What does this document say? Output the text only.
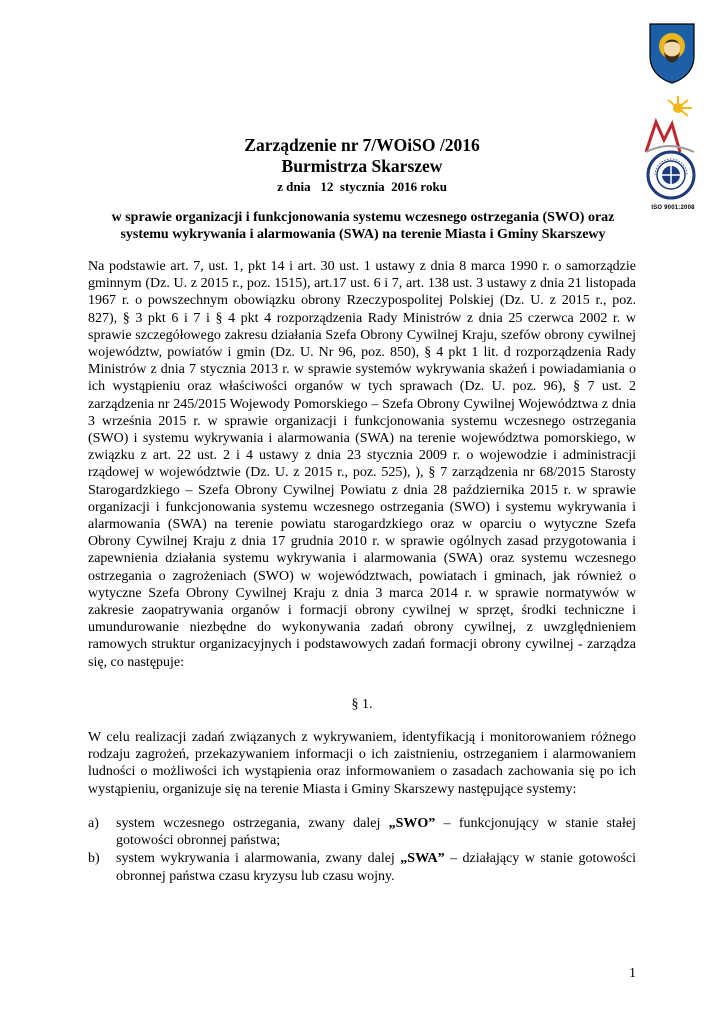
ISO 9001:2008
Zarządzenie nr 7/WOiSO /2016
Burmistrza Skarszew
z dnia   12  stycznia  2016 roku
w sprawie organizacji i funkcjonowania systemu wczesnego ostrzegania (SWO) oraz systemu wykrywania i alarmowania (SWA) na terenie Miasta i Gminy Skarszewy

Na podstawie art. 7, ust. 1, pkt 14 i art. 30 ust. 1 ustawy z dnia 8 marca 1990 r. o samorządzie gminnym (Dz. U. z 2015 r., poz. 1515), art.17 ust. 6 i 7, art. 138 ust. 3 ustawy z dnia 21 listopada 1967 r. o powszechnym obowiązku obrony Rzeczypospolitej Polskiej (Dz. U. z 2015 r., poz. 827), § 3 pkt 6 i 7 i § 4 pkt 4 rozporządzenia Rady Ministrów z dnia 25 czerwca 2002 r. w sprawie szczegółowego zakresu działania Szefa Obrony Cywilnej Kraju, szefów obrony cywilnej województw, powiatów i gmin (Dz. U. Nr 96, poz. 850), § 4 pkt 1 lit. d rozporządzenia Rady Ministrów z dnia 7 stycznia 2013 r. w sprawie systemów wykrywania skażeń i powiadamiania o ich wystąpieniu oraz właściwości organów w tych sprawach (Dz. U. poz. 96), § 7 ust. 2 zarządzenia nr 245/2015 Wojewody Pomorskiego – Szefa Obrony Cywilnej Województwa z dnia 3 września 2015 r. w sprawie organizacji i funkcjonowania systemu wczesnego ostrzegania (SWO) i systemu wykrywania i alarmowania (SWA) na terenie województwa pomorskiego, w związku z art. 22 ust. 2 i 4 ustawy z dnia 23 stycznia 2009 r. o wojewodzie i administracji rządowej w województwie (Dz. U. z 2015 r., poz. 525), ), § 7 zarządzenia nr 68/2015 Starosty Starogardzkiego – Szefa Obrony Cywilnej Powiatu z dnia 28 października 2015 r. w sprawie organizacji i funkcjonowania systemu wczesnego ostrzegania (SWO) i systemu wykrywania i alarmowania (SWA) na terenie powiatu starogardzkiego oraz w oparciu o wytyczne Szefa Obrony Cywilnej Kraju z dnia 17 grudnia 2010 r. w sprawie ogólnych zasad przygotowania i zapewnienia działania systemu wykrywania i alarmowania (SWA) oraz systemu wczesnego ostrzegania o zagrożeniach (SWO) w województwach, powiatach i gminach, jak również o wytyczne Szefa Obrony Cywilnej Kraju z dnia 3 marca 2014 r. w sprawie normatywów w zakresie zaopatrywania organów i formacji obrony cywilnej w sprzęt, środki techniczne i umundurowanie niezbędne do wykonywania zadań obrony cywilnej, z uwzględnieniem ramowych struktur organizacyjnych i podstawowych zadań formacji obrony cywilnej - zarządza się, co następuje:

§ 1.

W celu realizacji zadań związanych z wykrywaniem, identyfikacją i monitorowaniem różnego rodzaju zagrożeń, przekazywaniem informacji o ich zaistnieniu, ostrzeganiem i alarmowaniem ludności o możliwości ich wystąpienia oraz informowaniem o zasadach zachowania się po ich wystąpieniu, organizuje się na terenie Miasta i Gminy Skarszewy następujące systemy:

a) system wczesnego ostrzegania, zwany dalej „SWO” – funkcjonujący w stanie stałej gotowości obronnej państwa;
b) system wykrywania i alarmowania, zwany dalej „SWA” – działający w stanie gotowości obronnej państwa czasu kryzysu lub czasu wojny.
1
